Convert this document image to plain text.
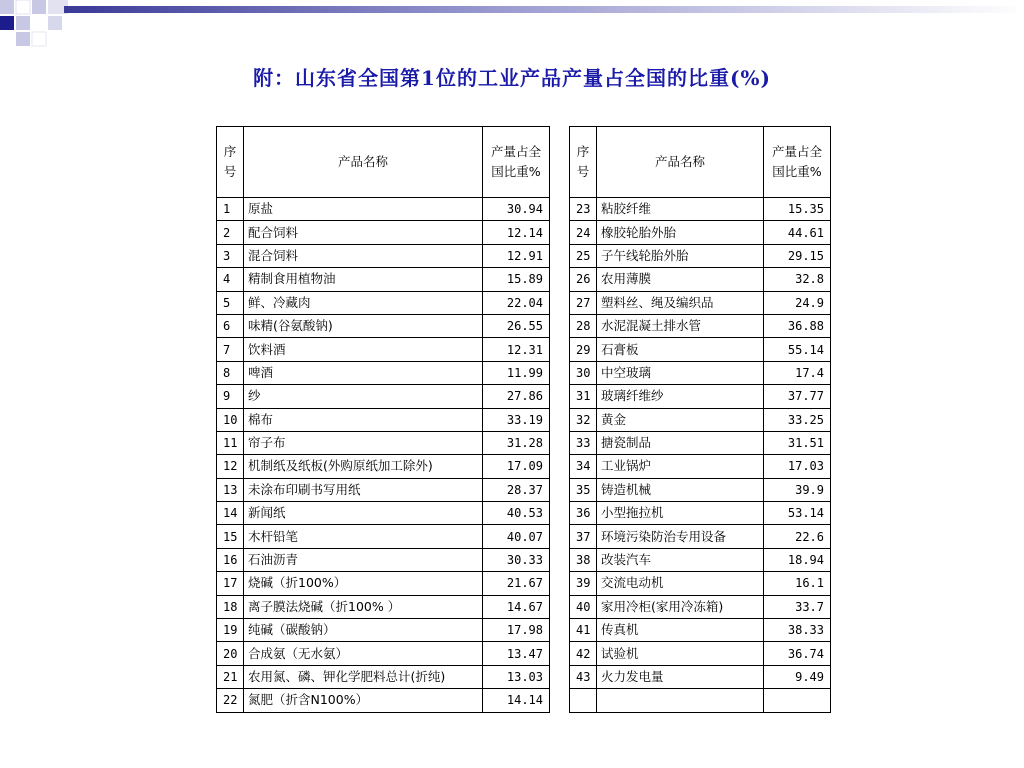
附：山东省全国第1位的工业产品产量占全国的比重(%)
序号	产品名称	产量占全国比重%
1	原盐	30.94
2	配合饲料	12.14
3	混合饲料	12.91
4	精制食用植物油	15.89
5	鲜、冷藏肉	22.04
6	味精(谷氨酸钠)	26.55
7	饮料酒	12.31
8	啤酒	11.99
9	纱	27.86
10	棉布	33.19
11	帘子布	31.28
12	机制纸及纸板(外购原纸加工除外)	17.09
13	未涂布印刷书写用纸	28.37
14	新闻纸	40.53
15	木杆铅笔	40.07
16	石油沥青	30.33
17	烧碱（折100%）	21.67
18	离子膜法烧碱（折100% ）	14.67
19	纯碱（碳酸钠）	17.98
20	合成氨（无水氨）	13.47
21	农用氮、磷、钾化学肥料总计(折纯)	13.03
22	氮肥（折含N100%）	14.14
序号	产品名称	产量占全国比重%
23	粘胶纤维	15.35
24	橡胶轮胎外胎	44.61
25	子午线轮胎外胎	29.15
26	农用薄膜	32.8
27	塑料丝、绳及编织品	24.9
28	水泥混凝土排水管	36.88
29	石膏板	55.14
30	中空玻璃	17.4
31	玻璃纤维纱	37.77
32	黄金	33.25
33	搪瓷制品	31.51
34	工业锅炉	17.03
35	铸造机械	39.9
36	小型拖拉机	53.14
37	环境污染防治专用设备	22.6
38	改装汽车	18.94
39	交流电动机	16.1
40	家用冷柜(家用冷冻箱)	33.7
41	传真机	38.33
42	试验机	36.74
43	火力发电量	9.49
